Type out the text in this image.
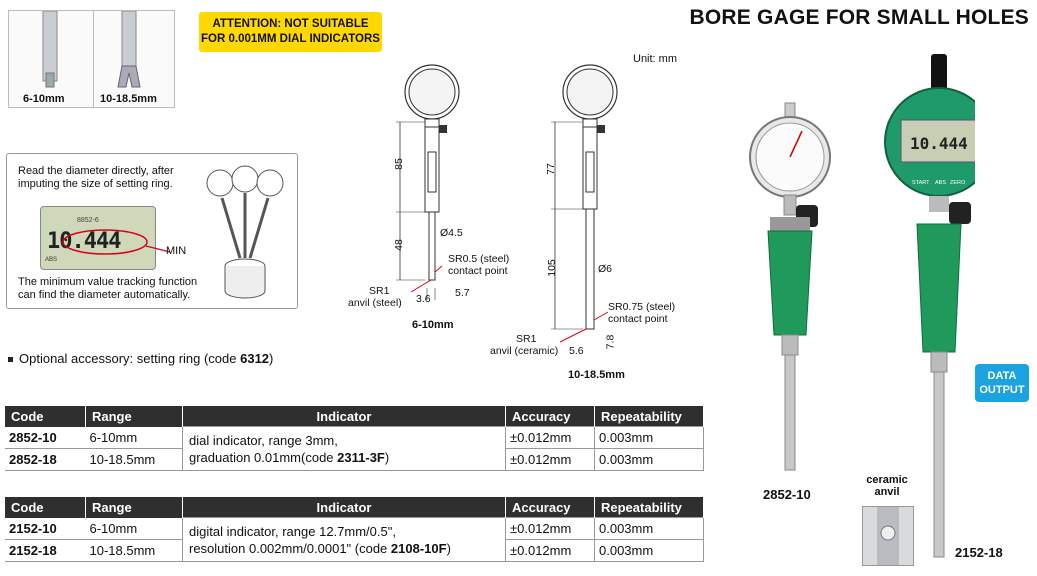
6-10mm	10-18.5mm
ATTENTION: NOT SUITABLE
FOR 0.001MM DIAL INDICATORS
BORE GAGE FOR SMALL HOLES
Unit: mm
Read the diameter directly, after
imputing the size of setting ring.
8852-6
10.444
ABS
MIN
The minimum value tracking function
can find the diameter automatically.
85
48
Ø4.5
SR0.5 (steel)
contact point
SR1
anvil (steel) 3.6 5.7
6-10mm
77
105	Ø6
SR0.75 (steel)
contact point
SR1
anvil (ceramic) 5.6
7.8
10-18.5mm
Optional accessory: setting ring (code 6312)
Code	Range	Indicator	Accuracy	Repeatability
2852-10	6-10mm	dial indicator, range 3mm,
graduation 0.01mm(code 2311-3F)	±0.012mm	0.003mm
2852-18	10-18.5mm		±0.012mm	0.003mm
Code	Range	Indicator	Accuracy	Repeatability
2152-10	6-10mm	digital indicator, range 12.7mm/0.5",
resolution 0.002mm/0.0001" (code 2108-10F)	±0.012mm	0.003mm
2152-18	10-18.5mm		±0.012mm	0.003mm
2852-10
10.444
START ABS ZERO
DATA
OUTPUT
ceramic
anvil
2152-18
